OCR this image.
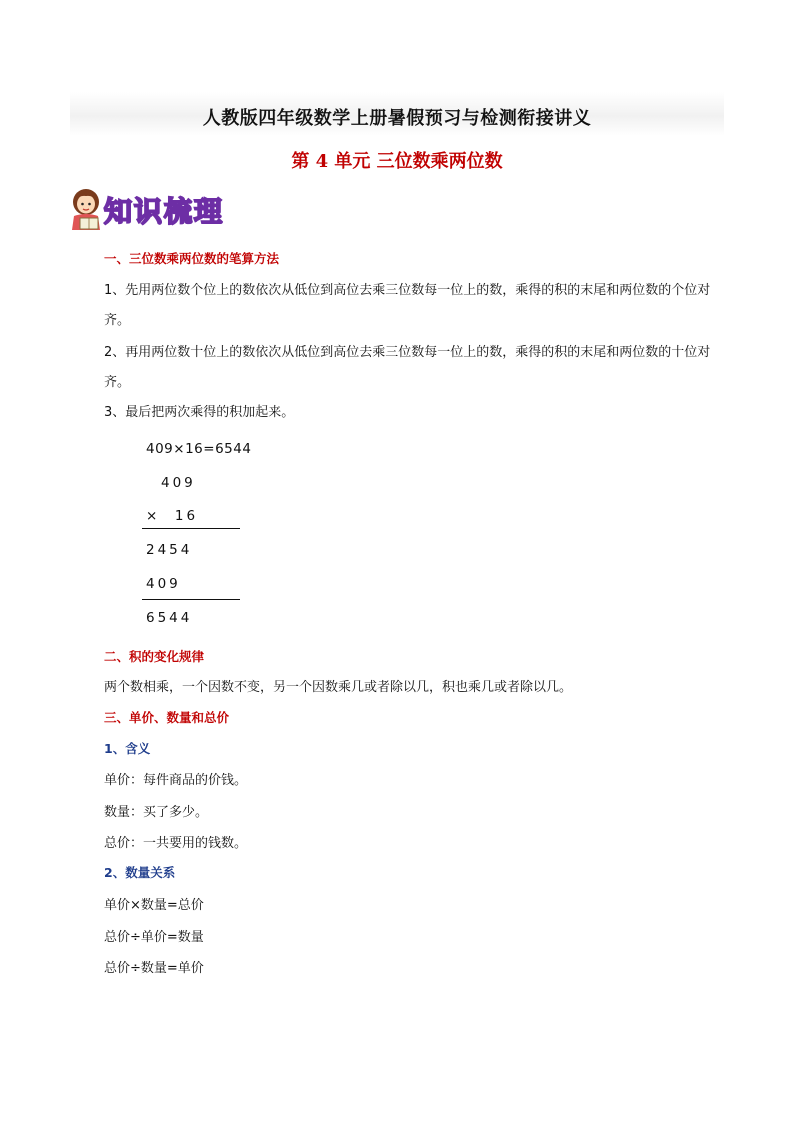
人教版四年级数学上册暑假预习与检测衔接讲义
第 4 单元 三位数乘两位数
知识梳理
一、三位数乘两位数的笔算方法
1、先用两位数个位上的数依次从低位到高位去乘三位数每一位上的数，乘得的积的末尾和两位数的个位对齐。
2、再用两位数十位上的数依次从低位到高位去乘三位数每一位上的数，乘得的积的末尾和两位数的十位对齐。
3、最后把两次乘得的积加起来。
409×16=6544
409
×  16
2454
409
6544
二、积的变化规律
两个数相乘，一个因数不变，另一个因数乘几或者除以几，积也乘几或者除以几。
三、单价、数量和总价
1、含义
单价：每件商品的价钱。
数量：买了多少。
总价：一共要用的钱数。
2、数量关系
单价×数量=总价
总价÷单价=数量
总价÷数量=单价
